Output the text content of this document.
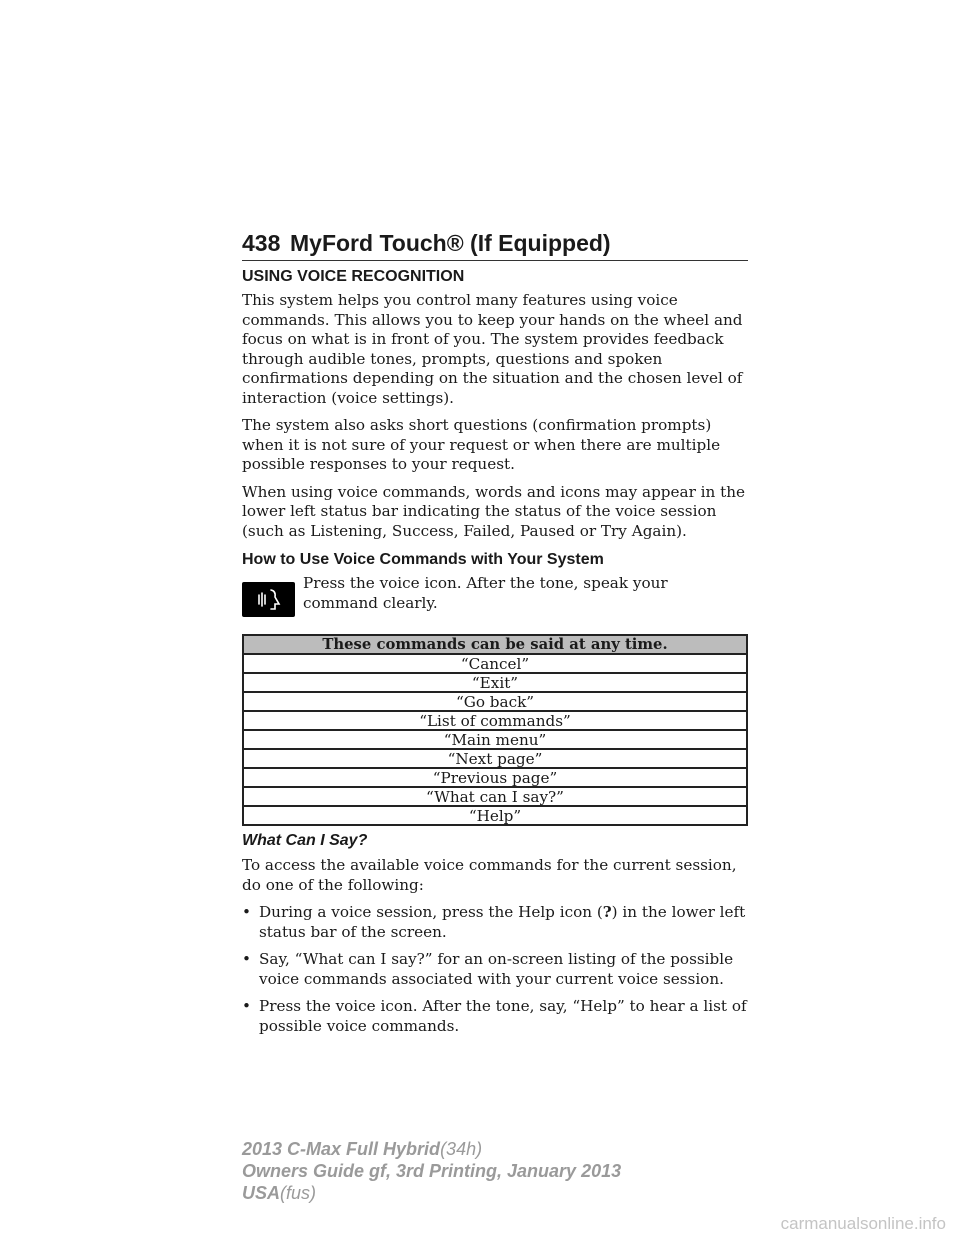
438 MyFord Touch® (If Equipped)
USING VOICE RECOGNITION

This system helps you control many features using voice commands. This allows you to keep your hands on the wheel and focus on what is in front of you. The system provides feedback through audible tones, prompts, questions and spoken confirmations depending on the situation and the chosen level of interaction (voice settings).

The system also asks short questions (confirmation prompts) when it is not sure of your request or when there are multiple possible responses to your request.

When using voice commands, words and icons may appear in the lower left status bar indicating the status of the voice session (such as Listening, Success, Failed, Paused or Try Again).

How to Use Voice Commands with Your System
Press the voice icon. After the tone, speak your command clearly.
These commands can be said at any time.
“Cancel”
“Exit”
“Go back”
“List of commands”
“Main menu”
“Next page”
“Previous page”
“What can I say?”
“Help”
What Can I Say?

To access the available voice commands for the current session, do one of the following:

• During a voice session, press the Help icon (?) in the lower left status bar of the screen.
• Say, “What can I say?” for an on-screen listing of the possible voice commands associated with your current voice session.
• Press the voice icon. After the tone, say, “Help” to hear a list of possible voice commands.
2013 C-Max Full Hybrid(34h)
Owners Guide gf, 3rd Printing, January 2013
USA(fus)
carmanualsonline.info
